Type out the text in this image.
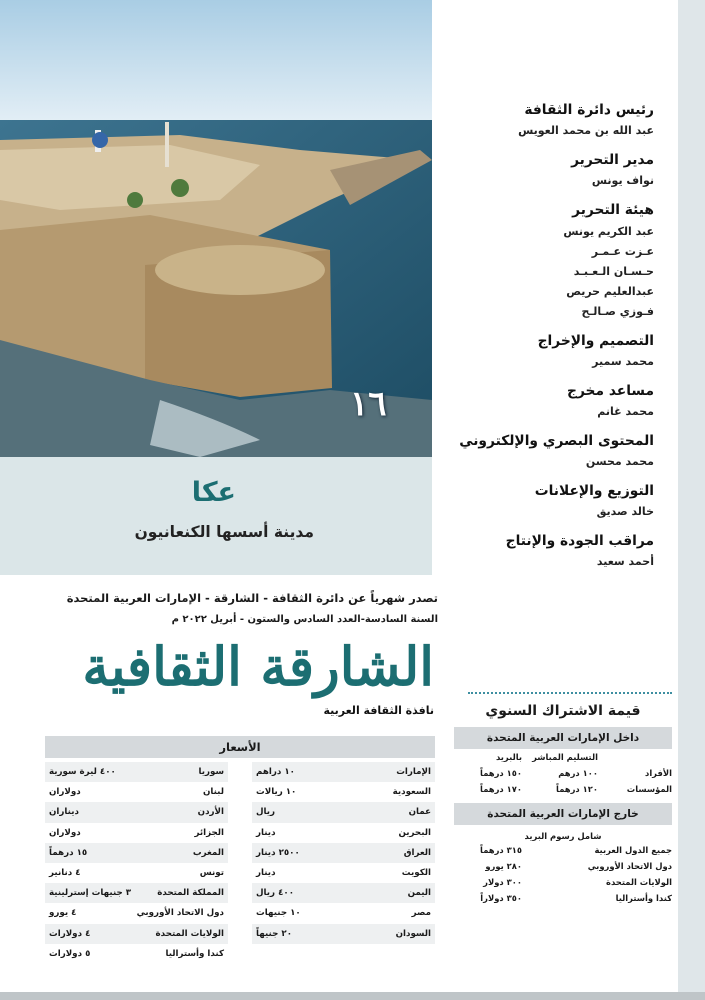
١٦
عكا
مدينة أسسها الكنعانيون
تصدر شهرياً عن دائرة الثقافة - الشارقة - الإمارات العربية المتحدة
السنة السادسة-العدد السادس والستون - أبريل ٢٠٢٢ م
الشارقة الثقافية
نافذة الثقافة العربية
الأسعار
الإمارات
١٠ دراهم
السعودية
١٠ ريالات
عمان
ريال
البحرين
دينار
العراق
٢٥٠٠ دينار
الكويت
دينار
اليمن
٤٠٠ ريال
مصر
١٠ جنيهات
السودان
٢٠ جنيهاً
سوريا
٤٠٠ ليرة سورية
لبنان
دولاران
الأردن
ديناران
الجزائر
دولاران
المغرب
١٥ درهماً
تونس
٤ دنانير
المملكة المتحدة
٣ جنيهات إسترلينية
دول الاتحاد الأوروبي
٤ يورو
الولايات المتحدة
٤ دولارات
كندا وأستراليا
٥ دولارات
رئيس دائرة الثقافة
عبد الله بن محمد العويس
مدير التحرير
نواف يونس
هيئة التحرير
عبد الكريم يونس
عـزت عـمـر
حـسـان الـعـبـد
عبدالعليم حريص
فـوزي صـالـح
التصميم والإخراج
محمد سمير
مساعد مخرج
محمد غانم
المحتوى البصري والإلكتروني
محمد محسن
التوزيع والإعلانات
خالد صديق
مراقب الجودة والإنتاج
أحمد سعيد
قيمة الاشتراك السنوي
داخل الإمارات العربية المتحدة
التسليم المباشر
بالبريد
الأفراد
١٠٠ درهم
١٥٠ درهماً
المؤسسات
١٢٠ درهماً
١٧٠ درهماً
خارج الإمارات العربية المتحدة
شامل رسوم البريد
جميع الدول العربية
٣١٥ درهماً
دول الاتحاد الأوروبي
٢٨٠ يورو
الولايات المتحدة
٣٠٠ دولار
كندا وأستراليا
٣٥٠ دولاراً
